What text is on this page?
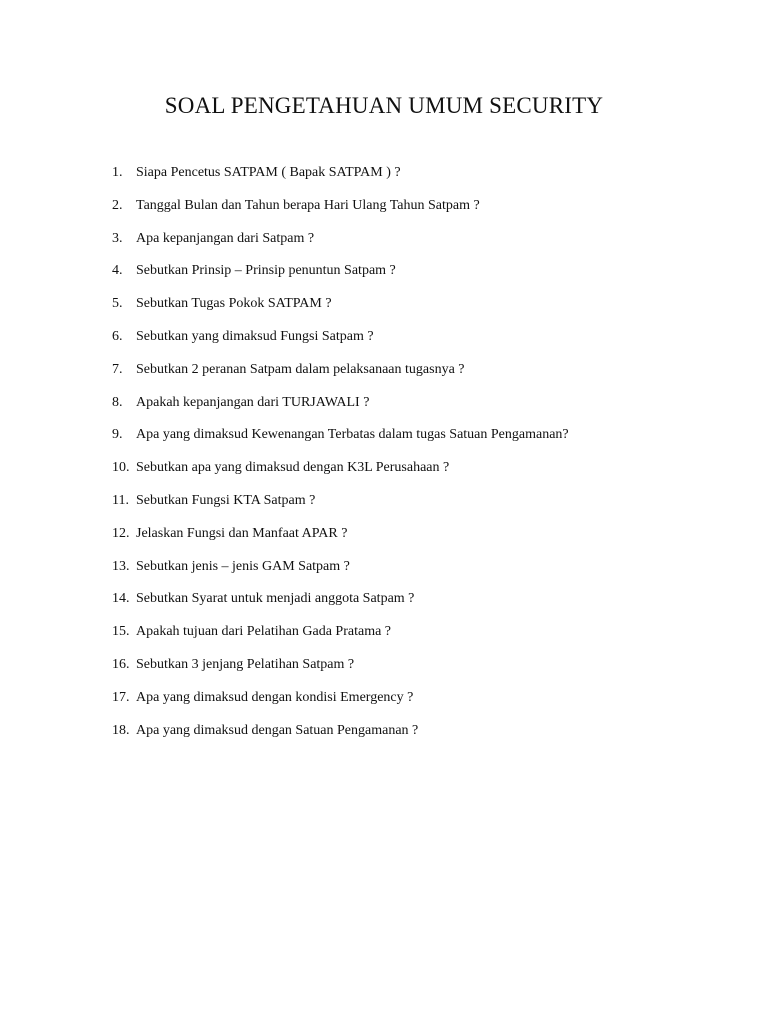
SOAL PENGETAHUAN UMUM SECURITY
1. Siapa Pencetus SATPAM ( Bapak SATPAM ) ?
2. Tanggal Bulan dan Tahun berapa Hari Ulang Tahun Satpam ?
3. Apa kepanjangan dari Satpam ?
4. Sebutkan Prinsip – Prinsip penuntun Satpam ?
5. Sebutkan Tugas Pokok SATPAM ?
6. Sebutkan yang dimaksud Fungsi Satpam ?
7. Sebutkan 2 peranan Satpam dalam pelaksanaan tugasnya ?
8. Apakah kepanjangan dari TURJAWALI ?
9. Apa yang dimaksud Kewenangan Terbatas dalam tugas Satuan Pengamanan?
10. Sebutkan apa yang dimaksud dengan K3L Perusahaan ?
11. Sebutkan Fungsi KTA Satpam ?
12. Jelaskan Fungsi dan Manfaat APAR ?
13. Sebutkan jenis – jenis GAM Satpam ?
14. Sebutkan Syarat untuk menjadi anggota Satpam ?
15. Apakah tujuan dari Pelatihan Gada Pratama ?
16. Sebutkan 3 jenjang Pelatihan Satpam ?
17. Apa yang dimaksud dengan kondisi Emergency ?
18. Apa yang dimaksud dengan Satuan Pengamanan ?
